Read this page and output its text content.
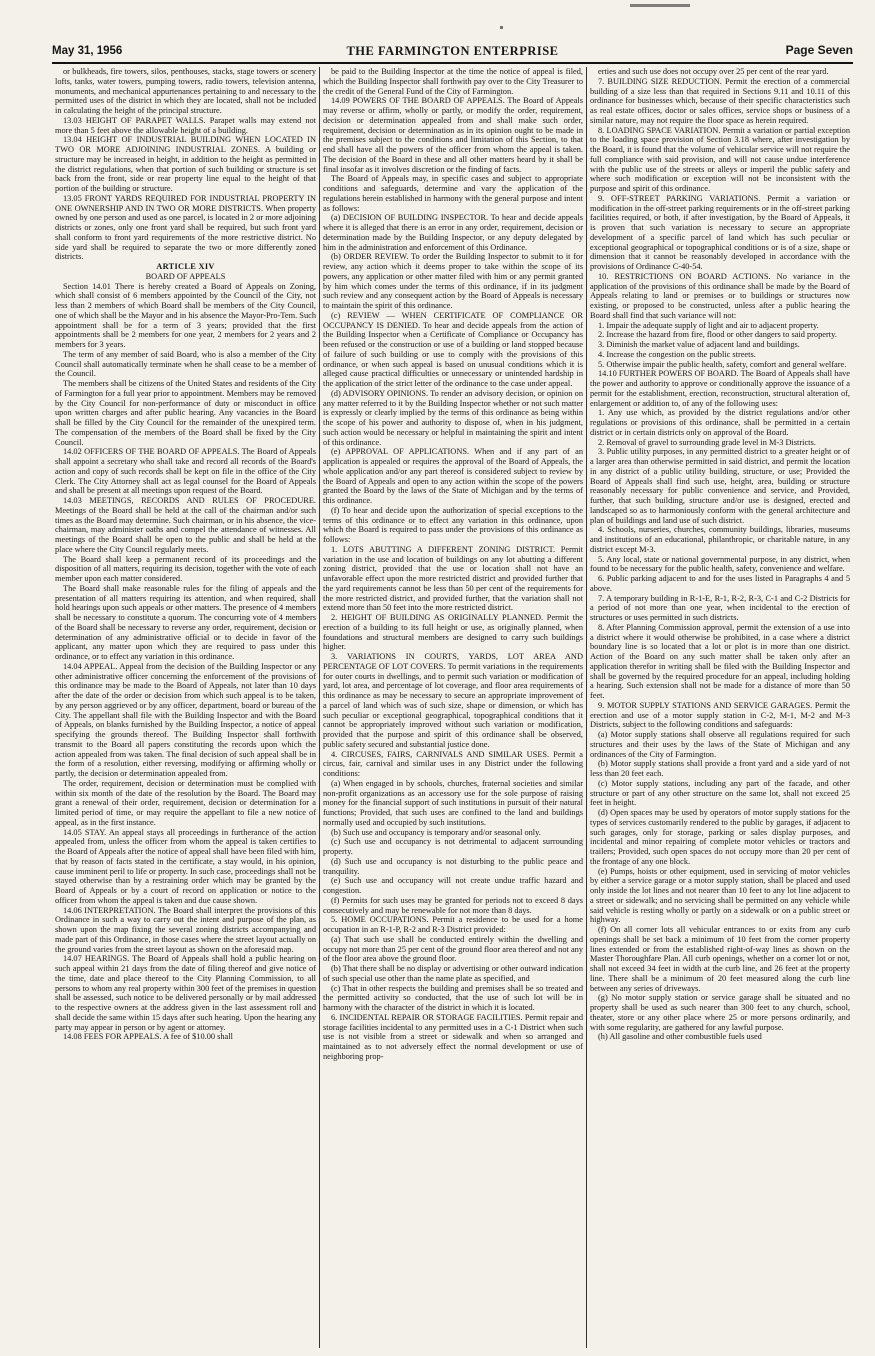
May 31, 1956	THE FARMINGTON ENTERPRISE	Page Seven

or bulkheads, fire towers, silos, penthouses, stacks, stage towers or scenery lofts, tanks, water towers, pumping towers, radio towers, television antenna, monuments, and mechanical appurtenances pertaining to and necessary to the permitted uses of the district in which they are located, shall not be included in calculating the height of the principal structure.

13.03 HEIGHT OF PARAPET WALLS. Parapet walls may extend not more than 5 feet above the allowable height of a building.

13.04 HEIGHT OF INDUSTRIAL BUILDING WHEN LOCATED IN TWO OR MORE ADJOINING INDUSTRIAL ZONES. A building or structure may be increased in height, in addition to the height as permitted in the district regulations, when that portion of such building or structure is set back from the front, side or rear property line equal to the height of that portion of the building or structure.

13.05 FRONT YARDS REQUIRED FOR INDUSTRIAL PROPERTY IN ONE OWNERSHIP AND IN TWO OR MORE DISTRICTS. When property owned by one person and used as one parcel, is located in 2 or more adjoining districts or zones, only one front yard shall be required, but such front yard shall conform to front yard requirements of the more restrictive district. No side yard shall be required to separate the two or more differently zoned districts.

ARTICLE XIV

BOARD OF APPEALS

Section 14.01 There is hereby created a Board of Appeals on Zoning, which shall consist of 6 members appointed by the Council of the City, not less than 2 members of which Board shall be members of the City Council, one of which shall be the Mayor and in his absence the Mayor-Pro-Tem. Such appointment shall be for a term of 3 years; provided that the first appointments shall be 2 members for one year, 2 members for 2 years and 2 members for 3 years.

The term of any member of said Board, who is also a member of the City Council shall automatically terminate when he shall cease to be a member of the Council.

The members shall be citizens of the United States and residents of the City of Farmington for a full year prior to appointment. Members may be removed by the City Council for non-performance of duty or misconduct in office upon written charges and after public hearing. Any vacancies in the Board shall be filled by the City Council for the remainder of the unexpired term. The compensation of the members of the Board shall be fixed by the City Council.

14.02 OFFICERS OF THE BOARD OF APPEALS. The Board of Appeals shall appoint a secretary who shall take and record all records of the Board's action and copy of such records shall be kept on file in the office of the City Clerk. The City Attorney shall act as legal counsel for the Board of Appeals and shall be present at all meetings upon request of the Board.

14.03 MEETINGS, RECORDS AND RULES OF PROCEDURE. Meetings of the Board shall be held at the call of the chairman and/or such times as the Board may determine. Such chairman, or in his absence, the vice-chairman, may administer oaths and compel the attendance of witnesses. All meetings of the Board shall be open to the public and shall be held at the place where the City Council regularly meets.

The Board shall keep a permanent record of its proceedings and the disposition of all matters, requiring its decision, together with the vote of each member upon each matter considered.

The Board shall make reasonable rules for the filing of appeals and the presentation of all matters requiring its attention, and when required, shall hold hearings upon such appeals or other matters. The presence of 4 members shall be necessary to constitute a quorum. The concurring vote of 4 members of the Board shall be necessary to reverse any order, requirement, decision or determination of any administrative official or to decide in favor of the applicant, any matter upon which they are required to pass under this ordinance, or to effect any variation in this ordinance.

14.04 APPEAL. Appeal from the decision of the Building Inspector or any other administrative officer concerning the enforcement of the provisions of this ordinance may be made to the Board of Appeals, not later than 10 days after the date of the order or decision from which such appeal is to be taken, by any person aggrieved or by any officer, department, board or bureau of the City. The appellant shall file with the Building Inspector and with the Board of Appeals, on blanks furnished by the Building Inspector, a notice of appeal specifying the grounds thereof. The Building Inspector shall forthwith transmit to the Board all papers constituting the records upon which the action appealed from was taken. The final decision of such appeal shall be in the form of a resolution, either reversing, modifying or affirming wholly or partly, the decision or determination appealed from.

The order, requirement, decision or determination must be complied with within six month of the date of the resolution by the Board. The Board may grant a renewal of their order, requirement, decision or determination for a limited period of time, or may require the appellant to file a new notice of appeal, as in the first instance.

14.05 STAY. An appeal stays all proceedings in furtherance of the action appealed from, unless the officer from whom the appeal is taken certifies to the Board of Appeals after the notice of appeal shall have been filed with him, that by reason of facts stated in the certificate, a stay would, in his opinion, cause imminent peril to life or property. In such case, proceedings shall not be stayed otherwise than by a restraining order which may be granted by the Board of Appeals or by a court of record on application or notice to the officer from whom the appeal is taken and due cause shown.

14.06 INTERPRETATION. The Board shall interpret the provisions of this Ordinance in such a way to carry out the intent and purpose of the plan, as shown upon the map fixing the several zoning districts accompanying and made part of this Ordinance, in those cases where the street layout actually on the ground varies from the street layout as shown on the aforesaid map.

14.07 HEARINGS. The Board of Appeals shall hold a public hearing on such appeal within 21 days from the date of filing thereof and give notice of the time, date and place thereof to the City Planning Commission, to all persons to whom any real property within 300 feet of the premises in question shall be assessed, such notice to be delivered personally or by mail addressed to the respective owners at the address given in the last assessment roll and shall decide the same within 15 days after such hearing. Upon the hearing any party may appear in person or by agent or attorney.

14.08 FEES FOR APPEALS. A fee of $10.00 shall

be paid to the Building Inspector at the time the notice of appeal is filed, which the Building Inspector shall forthwith pay over to the City Treasurer to the credit of the General Fund of the City of Farmington.

14.09 POWERS OF THE BOARD OF APPEALS. The Board of Appeals may reverse or affirm, wholly or partly, or modify the order, requirement, decision or determination appealed from and shall make such order, requirement, decision or determination as in its opinion ought to be made in the premises subject to the conditions and limitation of this Section, to that end shall have all the powers of the officer from whom the appeal is taken. The decision of the Board in these and all other matters heard by it shall be final insofar as it involves discretion or the finding of facts.

The Board of Appeals may, in specific cases and subject to appropriate conditions and safeguards, determine and vary the application of the regulations herein established in harmony with the general purpose and intent as follows:

(a) DECISION OF BUILDING INSPECTOR. To hear and decide appeals where it is alleged that there is an error in any order, requirement, decision or determination made by the Building Inspector, or any deputy delegated by him in the administration and enforcement of this Ordinance.

(b) ORDER REVIEW. To order the Building Inspector to submit to it for review, any action which it deems proper to take within the scope of its powers, any application or other matter filed with him or any permit granted by him which comes under the terms of this ordinance, if in its judgment such review and any consequent action by the Board of Appeals is necessary to maintain the spirit of this ordinance.

(c) REVIEW — WHEN CERTIFICATE OF COMPLIANCE OR OCCUPANCY IS DENIED. To hear and decide appeals from the action of the Building Inspector when a Certificate of Compliance or Occupancy has been refused or the construction or use of a building or land stopped because of failure of such building or use to comply with the provisions of this ordinance, or when such appeal is based on unusual conditions which it is alleged cause practical difficulties or unnecessary or unintended hardship in the application of the strict letter of the ordinance to the case under appeal.

(d) ADVISORY OPINIONS. To render an advisory decision, or opinion on any matter referred to it by the Building Inspector whether or not such matter is expressly or clearly implied by the terms of this ordinance as being within the scope of his power and authority to dispose of, when in his judgment, such action would be necessary or helpful in maintaining the spirit and intent of this ordinance.

(e) APPROVAL OF APPLICATIONS. When and if any part of an application is appealed or requires the approval of the Board of Appeals, the whole application and/or any part thereof is considered subject to review by the Board of Appeals and open to any action within the scope of the powers granted the Board by the laws of the State of Michigan and by the terms of this ordinance.

(f) To hear and decide upon the authorization of special exceptions to the terms of this ordinance or to effect any variation in this ordinance, upon which the Board is required to pass under the provisions of this ordinance as follows:

1. LOTS ABUTTING A DIFFERENT ZONING DISTRICT. Permit variation in the use and location of buildings on any lot abutting a different zoning district, provided that the use or location shall not have an unfavorable effect upon the more restricted district and provided further that the yard requirements cannot be less than 50 per cent of the requirements for the more restricted district, and provided further, that the variation shall not extend more than 50 feet into the more restricted district.

2. HEIGHT OF BUILDING AS ORIGINALLY PLANNED. Permit the erection of a building to its full height or use, as originally planned, when foundations and structural members are designed to carry such buildings higher.

3. VARIATIONS IN COURTS, YARDS, LOT AREA AND PERCENTAGE OF LOT COVERS. To permit variations in the requirements for outer courts in dwellings, and to permit such variation or modification of yard, lot area, and percentage of lot coverage, and floor area requirements of this ordinance as may be necessary to secure an appropriate improvement of a parcel of land which was of such size, shape or dimension, or which has such peculiar or exceptional geographical, topographical conditions that it cannot be appropriately improved without such variation or modification, provided that the purpose and spirit of this ordinance shall be observed, public safety secured and substantial justice done.

4. CIRCUSES, FAIRS, CARNIVALS AND SIMILAR USES. Permit a circus, fair, carnival and similar uses in any District under the following conditions:

(a) When engaged in by schools, churches, fraternal societies and similar non-profit organizations as an accessory use for the sole purpose of raising money for the financial support of such institutions in pursuit of their natural functions; Provided, that such uses are confined to the land and buildings normally used and occupied by such institutions.

(b) Such use and occupancy is temporary and/or seasonal only.

(c) Such use and occupancy is not detrimental to adjacent surrounding property.

(d) Such use and occupancy is not disturbing to the public peace and tranquility.

(e) Such use and occupancy will not create undue traffic hazard and congestion.

(f) Permits for such uses may be granted for periods not to exceed 8 days consecutively and may be renewable for not more than 8 days.

5. HOME OCCUPATIONS. Permit a residence to be used for a home occupation in an R-1-P, R-2 and R-3 District provided:

(a) That such use shall be conducted entirely within the dwelling and occupy not more than 25 per cent of the ground floor area thereof and not any of the floor area above the ground floor.

(b) That there shall be no display or advertising or other outward indication of such special use other than the name plate as specified, and

(c) That in other respects the building and premises shall be so treated and the permitted activity so conducted, that the use of such lot will be in harmony with the character of the district in which it is located.

6. INCIDENTAL REPAIR OR STORAGE FACILITIES. Permit repair and storage facilities incidental to any permitted uses in a C-1 District when such use is not visible from a street or sidewalk and when so arranged and maintained as to not adversely effect the normal development or use of neighboring prop-

erties and such use does not occupy over 25 per cent of the rear yard.

7. BUILDING SIZE REDUCTION. Permit the erection of a commercial building of a size less than that required in Sections 9.11 and 10.11 of this ordinance for businesses which, because of their specific characteristics such as real estate offices, doctor or sales offices, service shops or business of a similar nature, may not require the floor space as herein required.

8. LOADING SPACE VARIATION. Permit a variation or partial exception to the loading space provision of Section 3.18 where, after investigation by the Board, it is found that the volume of vehicular service will not require the full compliance with said provision, and will not cause undue interference with the public use of the streets or alleys or imperil the public safety and where such modification or exception will not be inconsistent with the purpose and spirit of this ordinance.

9. OFF-STREET PARKING VARIATIONS. Permit a variation or modification in the off-street parking requirements or in the off-street parking facilities required, or both, if after investigation, by the Board of Appeals, it is proven that such variation is necessary to secure an appropriate development of a specific parcel of land which has such peculiar or exceptional geographical or topographical conditions or is of a size, shape or dimension that it cannot be reasonably developed in accordance with the provisions of Ordinance C-40-54.

10. RESTRICTIONS ON BOARD ACTIONS. No variance in the application of the provisions of this ordinance shall be made by the Board of Appeals relating to land or premises or to buildings or structures now existing, or proposed to be constructed, unless after a public hearing the Board shall find that such variance will not:

1. Impair the adequate supply of light and air to adjacent property.

2. Increase the hazard from fire, flood or other dangers to said property.

3. Diminish the market value of adjacent land and buildings.

4. Increase the congestion on the public streets.

5. Otherwise impair the public health, safety, comfort and general welfare.

14.10 FURTHER POWERS OF BOARD. The Board of Appeals shall have the power and authority to approve or conditionally approve the issuance of a permit for the establishment, erection, reconstruction, structural alteration of, enlargement or addition to, of any of the following uses:

1. Any use which, as provided by the district regulations and/or other regulations or provisions of this ordinance, shall be permitted in a certain district or in certain districts only on approval of the Board.

2. Removal of gravel to surrounding grade level in M-3 Districts.

3. Public utility purposes, in any permitted district to a greater height or of a larger area than otherwise permitted in said district, and permit the location in any district of a public utility building, structure, or use; Provided the Board of Appeals shall find such use, height, area, building or structure reasonably necessary for public convenience and service, and Provided, further, that such building, structure and/or use is designed, erected and landscaped so as to harmoniously conform with the general architecture and plan of buildings and land use of such district.

4. Schools, nurseries, churches, community buildings, libraries, museums and institutions of an educational, philanthropic, or charitable nature, in any district except M-3.

5. Any local, state or national governmental purpose, in any district, when found to be necessary for the public health, safety, convenience and welfare.

6. Public parking adjacent to and for the uses listed in Paragraphs 4 and 5 above.

7. A temporary building in R-1-E, R-1, R-2, R-3, C-1 and C-2 Districts for a period of not more than one year, when incidental to the erection of structures or uses permitted in such districts.

8. After Planning Commission approval, permit the extension of a use into a district where it would otherwise be prohibited, in a case where a district boundary line is so located that a lot or plot is in more than one district. Action of the Board on any such matter shall be taken only after an application therefor in writing shall be filed with the Building Inspector and shall be governed by the required procedure for an appeal, including holding a hearing. Such extension shall not be made for a distance of more than 50 feet.

9. MOTOR SUPPLY STATIONS AND SERVICE GARAGES. Permit the erection and use of a motor supply station in C-2, M-1, M-2 and M-3 Districts, subject to the following conditions and safeguards:

(a) Motor supply stations shall observe all regulations required for such structures and their uses by the laws of the State of Michigan and any ordinances of the City of Farmington.

(b) Motor supply stations shall provide a front yard and a side yard of not less than 20 feet each.

(c) Motor supply stations, including any part of the facade, and other structure or part of any other structure on the same lot, shall not exceed 25 feet in height.

(d) Open spaces may be used by operators of motor supply stations for the types of services customarily rendered to the public by garages, if adjacent to such garages, only for storage, parking or sales display purposes, and incidental and minor repairing of complete motor vehicles or tractors and trailers; Provided, such open spaces do not occupy more than 20 per cent of the frontage of any one block.

(e) Pumps, hoists or other equipment, used in servicing of motor vehicles by either a service garage or a motor supply station, shall be placed and used only inside the lot lines and not nearer than 10 feet to any lot line adjacent to a street or sidewalk; and no servicing shall be permitted on any vehicle while said vehicle is resting wholly or partly on a sidewalk or on a public street or highway.

(f) On all corner lots all vehicular entrances to or exits from any curb openings shall be set back a minimum of 10 feet from the corner property lines extended or from the established right-of-way lines as shown on the Master Thoroughfare Plan. All curb openings, whether on a corner lot or not, shall not exceed 34 feet in width at the curb line, and 26 feet at the property line. There shall be a minimum of 20 feet measured along the curb line between any series of driveways.

(g) No motor supply station or service garage shall be situated and no property shall be used as such nearer than 300 feet to any church, school, theater, store or any other place where 25 or more persons ordinarily, and with some regularity, are gathered for any lawful purpose.

(h) All gasoline and other combustible fuels used
